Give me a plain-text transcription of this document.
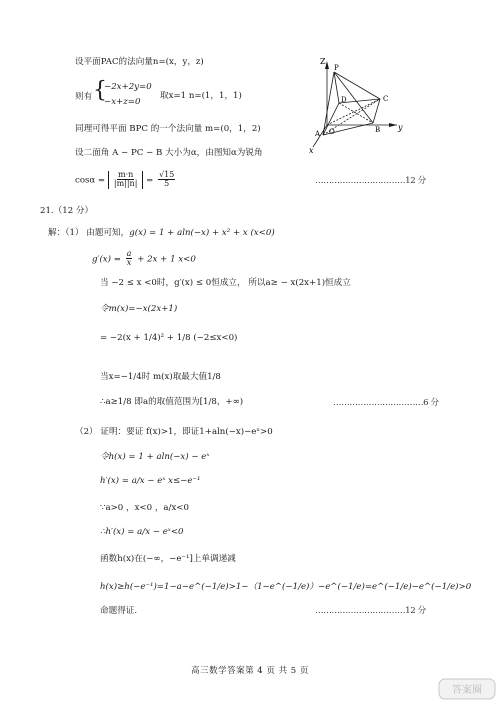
设平面PAC的法向量n=(x，y，z)
则有 {
−2x+2y=0
−x+z=0
取x=1 n=(1，1，1)
同理可得平面 BPC 的一个法向量 m=(0，1，2)
设二面角 A − PC − B 大小为α，由图知α为锐角
$\cos\alpha = \frac{m\cdot n}{|m||n|} = \frac{√15}{5}$	……………………………12 分
Z
P
D	C
A O	B y
x
21.（12 分）
解：（1） 由题可知，g(x) = 1 + aln(−x) + x² + x (x<0)
$g'(x) = \frac{a}{x} + 2x + 1$ x<0
当 −2 ≤ x <0时，g′(x) ≤ 0恒成立， 所以a≥ − x(2x+1)恒成立
令m(x)=−x(2x+1)
= −2(x + 1/4)² + 1/8 (−2≤x<0)
当x=−1/4时 m(x)取最大值1/8
∴a≥1/8 即a的取值范围为[1/8，+∞)	……………………………6 分
（2） 证明：要证 f(x)>1，即证1+aln(−x)−eˣ>0
令h(x) = 1 + aln(−x) − eˣ
h′(x) = a/x − eˣ x≤−e⁻¹
∵a>0 ，x<0 ，a/x<0
∴h′(x) = a/x − eˣ<0
函数h(x)在(−∞，−e⁻¹]上单调递减
h(x)≥h(−e⁻¹)=1−a−e^(−1/e)>1−（1−e^(−1/e)）−e^(−1/e)=e^(−1/e)−e^(−1/e)>0
命题得证.	……………………………12 分
高三数学答案第 4 页 共 5 页
答案圈
